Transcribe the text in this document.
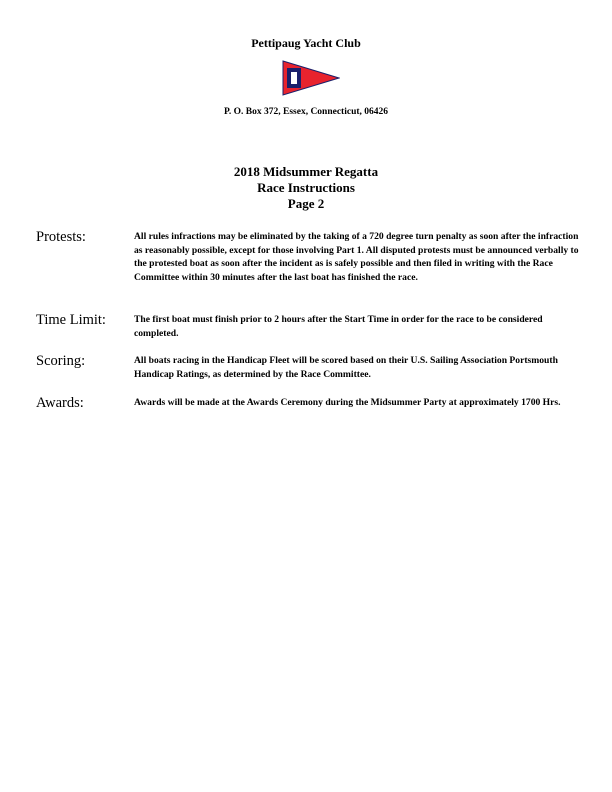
Pettipaug Yacht Club
P. O. Box 372, Essex, Connecticut, 06426
2018 Midsummer Regatta
Race Instructions
Page 2
Protests:	All rules infractions may be eliminated by the taking of a 720 degree turn penalty as soon after the infraction as reasonably possible, except for those involving Part 1. All disputed protests must be announced verbally to the protested boat as soon after the incident as is safely possible and then filed in writing with the Race Committee within 30 minutes after the last boat has finished the race.
Time Limit:	The first boat must finish prior to 2 hours after the Start Time in order for the race to be considered completed.
Scoring:	All boats racing in the Handicap Fleet will be scored based on their U.S. Sailing Association Portsmouth Handicap Ratings, as determined by the Race Committee.
Awards:	Awards will be made at the Awards Ceremony during the Midsummer Party at approximately 1700 Hrs.
